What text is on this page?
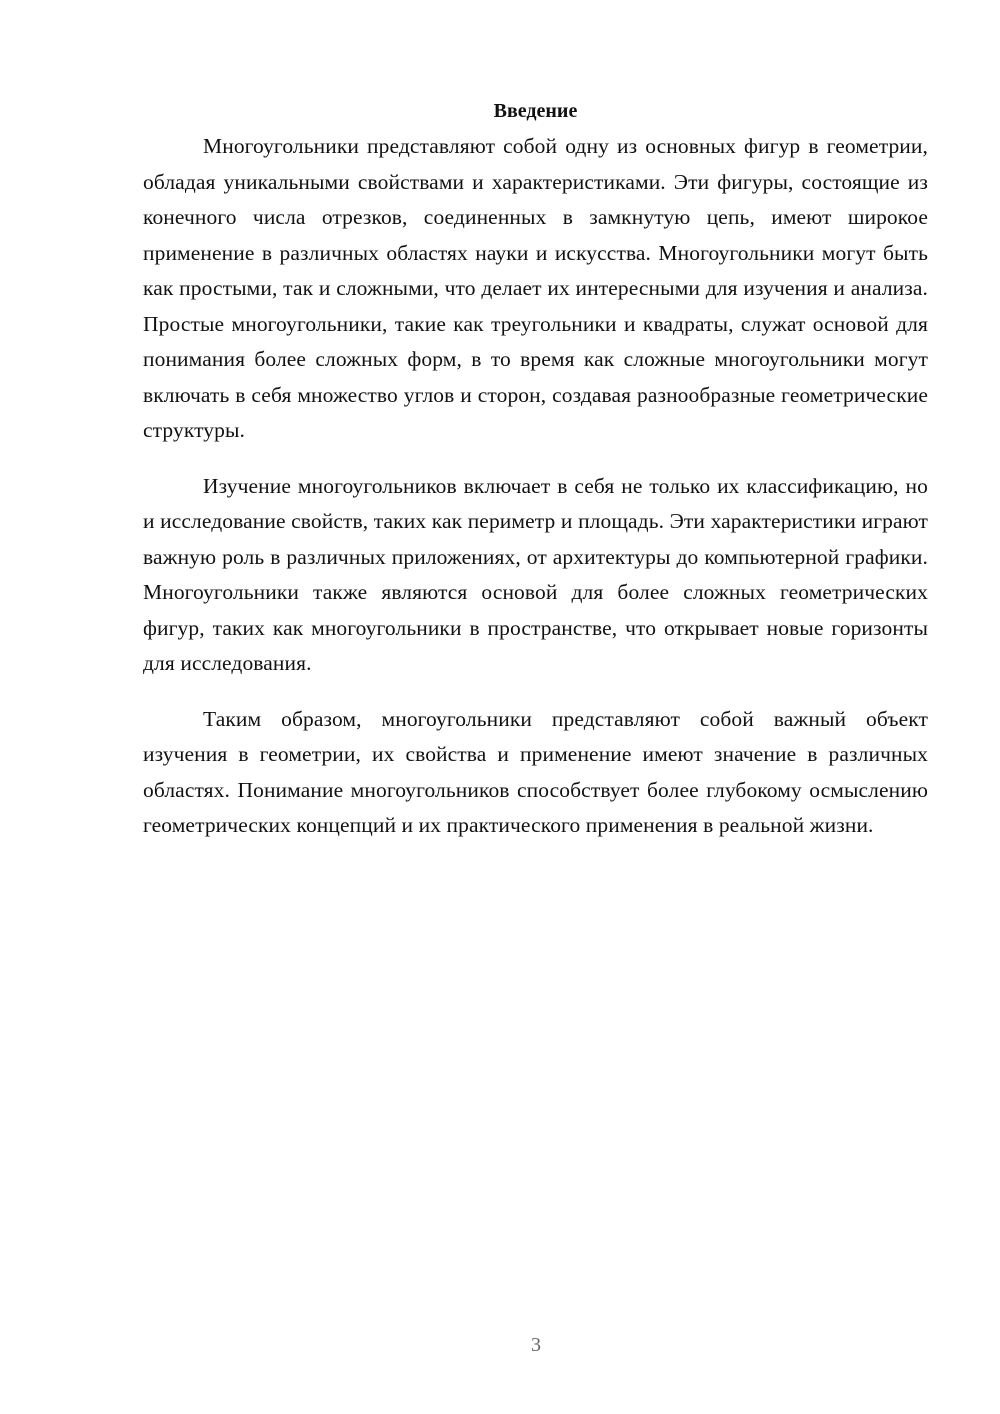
Введение

Многоугольники представляют собой одну из основных фигур в геометрии, обладая уникальными свойствами и характеристиками. Эти фигуры, состоящие из конечного числа отрезков, соединенных в замкнутую цепь, имеют широкое применение в различных областях науки и искусства. Многоугольники могут быть как простыми, так и сложными, что делает их интересными для изучения и анализа. Простые многоугольники, такие как треугольники и квадраты, служат основой для понимания более сложных форм, в то время как сложные многоугольники могут включать в себя множество углов и сторон, создавая разнообразные геометрические структуры.

Изучение многоугольников включает в себя не только их классификацию, но и исследование свойств, таких как периметр и площадь. Эти характеристики играют важную роль в различных приложениях, от архитектуры до компьютерной графики. Многоугольники также являются основой для более сложных геометрических фигур, таких как многоугольники в пространстве, что открывает новые горизонты для исследования.

Таким образом, многоугольники представляют собой важный объект изучения в геометрии, их свойства и применение имеют значение в различных областях. Понимание многоугольников способствует более глубокому осмыслению геометрических концепций и их практического применения в реальной жизни.

3
